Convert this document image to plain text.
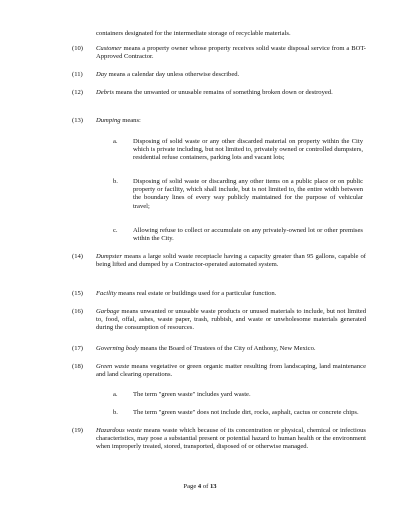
containers designated for the intermediate storage of recyclable materials.
(10)	Customer means a property owner whose property receives solid waste disposal service from a BOT-Approved Contractor.
(11)	Day means a calendar day unless otherwise described.
(12)	Debris means the unwanted or unusable remains of something broken down or destroyed.
(13)	Dumping means:
a. Disposing of solid waste or any other discarded material on property within the City which is private including, but not limited to, privately owned or controlled dumpsters, residential refuse containers, parking lots and vacant lots;
b. Disposing of solid waste or discarding any other items on a public place or on public property or facility, which shall include, but is not limited to, the entire width between the boundary lines of every way publicly maintained for the purpose of vehicular travel;
c. Allowing refuse to collect or accumulate on any privately-owned lot or other premises within the City.
(14)	Dumpster means a large solid waste receptacle having a capacity greater than 95 gallons, capable of being lifted and dumped by a Contractor-operated automated system.
(15)	Facility means real estate or buildings used for a particular function.
(16)	Garbage means unwanted or unusable waste products or unused materials to include, but not limited to, food, offal, ashes, waste paper, trash, rubbish, and waste or unwholesome materials generated during the consumption of resources.
(17)	Governing body means the Board of Trustees of the City of Anthony, New Mexico.
(18)	Green waste means vegetative or green organic matter resulting from landscaping, land maintenance and land clearing operations.
a. The term "green waste" includes yard waste.
b. The term "green waste" does not include dirt, rocks, asphalt, cactus or concrete chips.
(19)	Hazardous waste means waste which because of its concentration or physical, chemical or infectious characteristics, may pose a substantial present or potential hazard to human health or the environment when improperly treated, stored, transported, disposed of or otherwise managed.
Page 4 of 13
